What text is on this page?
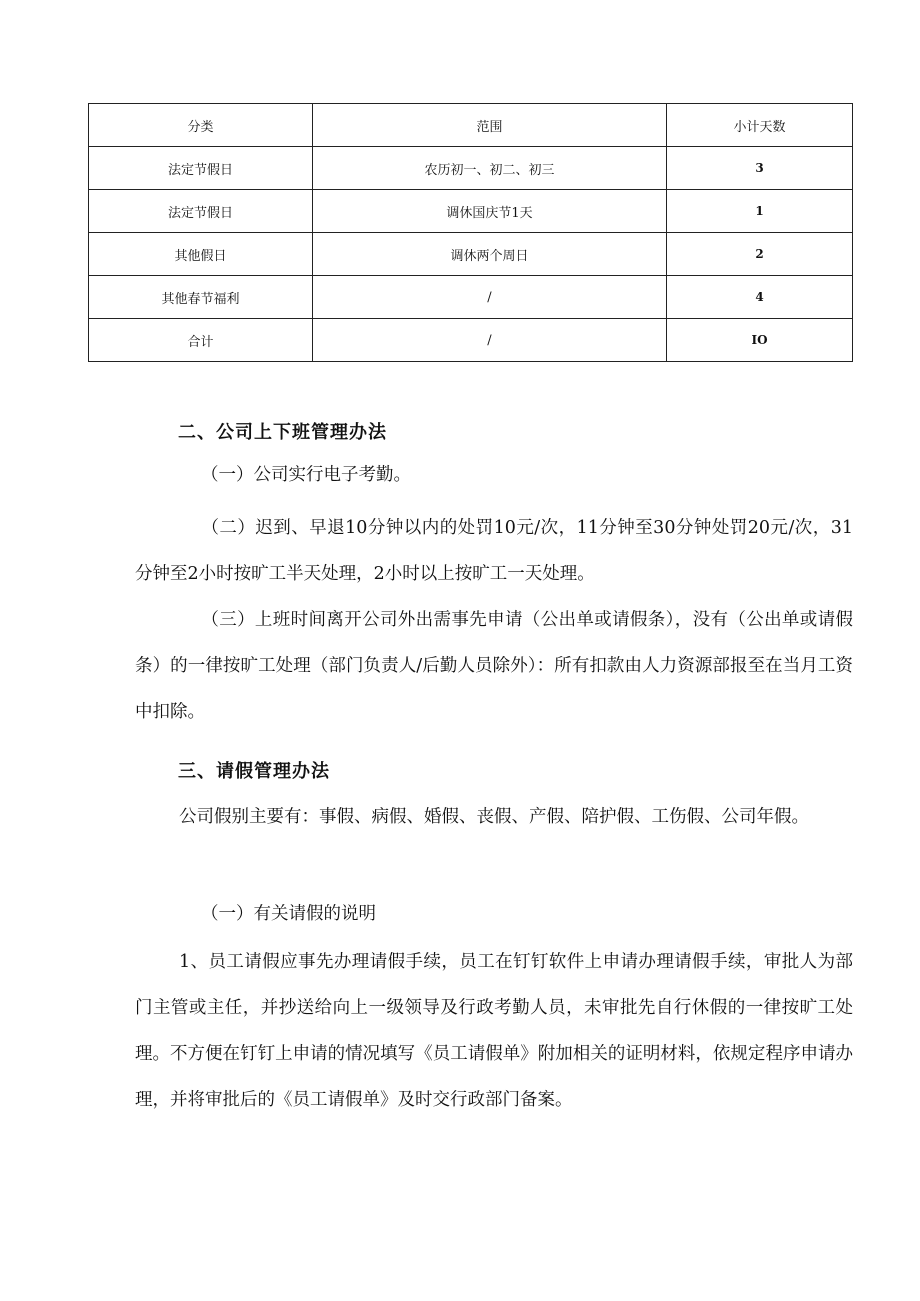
分类	范围	小计天数
法定节假日	农历初一、初二、初三	3
法定节假日	调休国庆节1天	1
其他假日	调休两个周日	2
其他春节福利	/	4
合计	/	IO
二、公司上下班管理办法

（一）公司实行电子考勤。

（二）迟到、早退10分钟以内的处罚10元/次，11分钟至30分钟处罚20元/次，31分钟至2小时按旷工半天处理，2小时以上按旷工一天处理。

（三）上班时间离开公司外出需事先申请（公出单或请假条），没有（公出单或请假条）的一律按旷工处理（部门负责人/后勤人员除外）：所有扣款由人力资源部报至在当月工资中扣除。

三、请假管理办法

公司假别主要有：事假、病假、婚假、丧假、产假、陪护假、工伤假、公司年假。

（一）有关请假的说明

1、员工请假应事先办理请假手续，员工在钉钉软件上申请办理请假手续，审批人为部门主管或主任，并抄送给向上一级领导及行政考勤人员，未审批先自行休假的一律按旷工处理。不方便在钉钉上申请的情况填写《员工请假单》附加相关的证明材料，依规定程序申请办理，并将审批后的《员工请假单》及时交行政部门备案。
